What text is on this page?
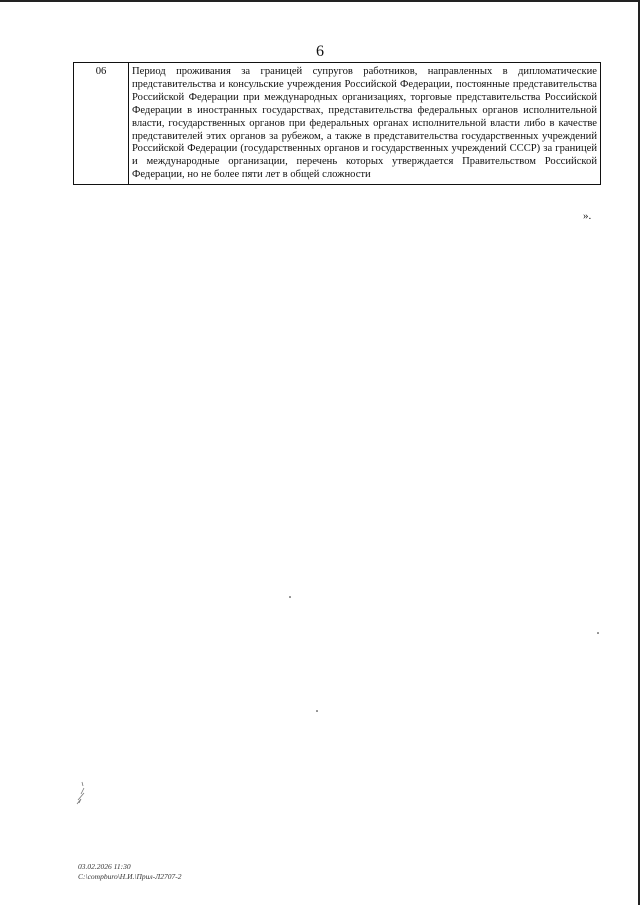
6
06	Период проживания за границей супругов работников, направленных в дипломатические представительства и консульские учреждения Российской Федерации, постоянные представительства Российской Федерации при международных организациях, торговые представительства Российской Федерации в иностранных государствах, представительства федеральных органов исполнительной власти, государственных органов при федеральных органах исполнительной власти либо в качестве представителей этих органов за рубежом, а также в представительства государственных учреждений Российской Федерации (государственных органов и государственных учреждений СССР) за границей и международные организации, перечень которых утверждается Правительством Российской Федерации, но не более пяти лет в общей сложности
».
03.02.2026 11:30
C:\compburo\Н.И.\Прил-Л2707-2
